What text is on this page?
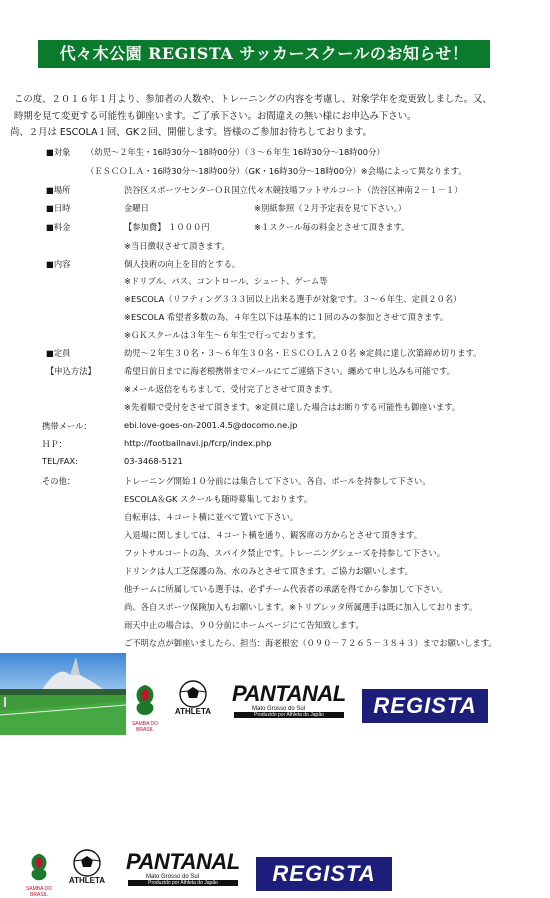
代々木公園 REGISTA サッカースクールのお知らせ！

この度、２０１６年１月より、参加者の人数や、トレーニングの内容を考慮し、対象学年を変更致しました。又、

時期を見て変更する可能性も御座います。ご了承下さい。お間違えの無い様にお申込み下さい。

尚、２月は ESCOLA１回、GK２回、開催します。皆様のご参加お待ちしております。

■対象 （幼児～２年生・16時30分～18時00分）（３～６年生 16時30分～18時00分）
（ＥＳＣＯＬＡ・16時30分～18時00分）（GK・16時30分～18時00分）※会場によって異なります。
■場所	渋谷区スポーツセンターＯＲ国立代々木競技場フットサルコート（渋谷区神南２－１－１）
■日時	金曜日	※別紙参照（２月予定表を見て下さい。）
■料金	【参加費】 １０００円	※１スクール毎の料金とさせて頂きます。
※当日徴収させて頂きます。
■内容	個人技術の向上を目的とする。
※ドリブル、パス、コントロール、シュート、ゲーム等
※ESCOLA（リフティング３３３回以上出来る選手が対象です。３～６年生、定員２０名）
※ESCOLA 希望者多数の為、４年生以下は基本的に１回のみの参加とさせて頂きます。
※ＧＫスクールは３年生～６年生で行っております。
■定員	幼児～２年生３０名・３～６年生３０名・ＥＳＣＯＬＡ２０名 ※定員に達し次第締め切ります。
【申込方法】	希望日前日までに海老根携帯までメールにてご連絡下さい。纏めて申し込みも可能です。
※メール返信をもちまして、受付完了とさせて頂きます。
※先着順で受付をさせて頂きます。※定員に達した場合はお断りする可能性も御座います。
携帯メール：	ebi.love-goes-on-2001.4.5@docomo.ne.jp
ＨＰ：	http://footballnavi.jp/fcrp/index.php
TEL/FAX:	03-3468-5121
その他：	トレーニング開始１０分前には集合して下さい。各自、ボールを持参して下さい。
ESCOLA＆GK スクールも随時募集しております。
自転車は、４コート横に並べて置いて下さい。
入退場に関しましては、４コート横を通り、観客席の方からとさせて頂きます。
フットサルコートの為、スパイク禁止です。トレーニングシューズを持参して下さい。
ドリンクは人工芝保護の為、水のみとさせて頂きます。ご協力お願いします。
他チームに所属している選手は、必ずチーム代表者の承諾を得てから参加して下さい。
尚、各自スポーツ保険加入もお願いします。※トリプレッタ所属選手は既に加入しております。
雨天中止の場合は、９０分前にホームページにて告知致します。
ご不明な点が御座いましたら、担当：海老根宏（０９０－７２６５－３８４３）までお願いします。
SAMBA DO BRASIL
ATHLETA
PANTANAL
Mato Grosso do Sul
Produzido por Athleta do Japão	REGISTA
SAMBA DO BRASIL
ATHLETA
PANTANAL
Mato Grosso do Sul
Produzido por Athleta do Japão	REGISTA
